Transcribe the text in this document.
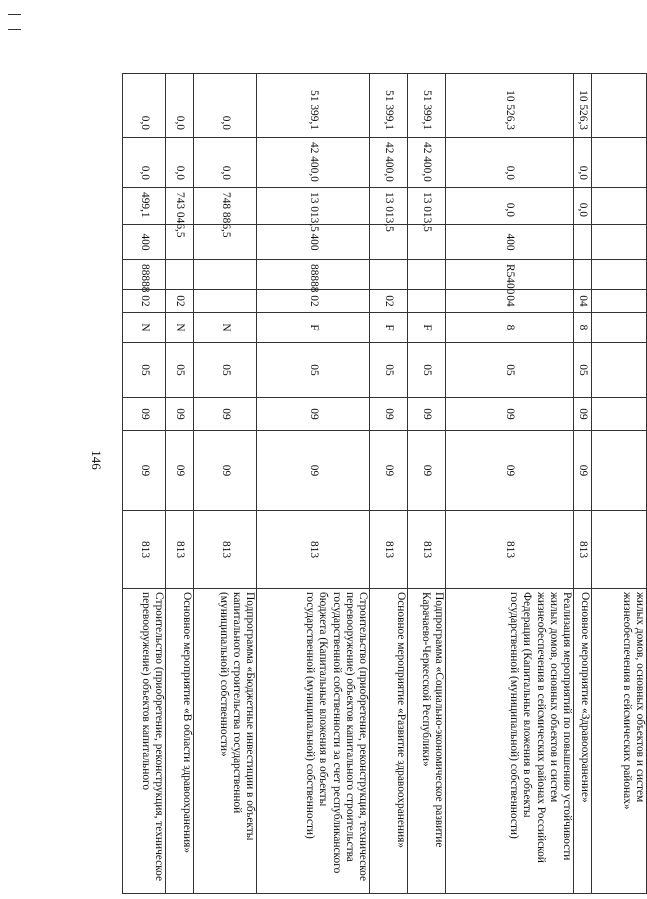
146
											жилых домов, основных объектов и систем жизнеобеспечения в сейсмических районах»
10 526,3	0,0	0,0			04	8	05	09	09	813	Основное мероприятие «Здравоохранение»
10 526,3	0,0	0,0	400	R5400	04	8	05	09	09	813	Реализация мероприятий по повышению устойчивости жилых домов, основных объектов и систем жизнеобеспечения в сейсмических районах Российской Федерации (Капитальные вложения в объекты государственной (муниципальной) собственности)
51 399,1	42 400,0	13 013,5				F	05	09	09	813	Подпрограмма «Социально-экономическое развитие Карачаево-Черкесской Республики»
51 399,1	42 400,0	13 013,5			02	F	05	09	09	813	Основное мероприятие «Развитие здравоохранения»
51 399,1	42 400,0	13 013,5	400	88888	02	F	05	09	09	813	Строительство (приобретение, реконструкция, техническое перевооружение) объектов капитального строительства государственной собственности за счет республиканского бюджета (Капитальные вложения в объекты государственной (муниципальной) собственности)
0,0	0,0	748 886,5				N	05	09	09	813	Подпрограмма «Бюджетные инвестиции в объекты капитального строительства государственной (муниципальной) собственности»
0,0	0,0	743 046,5			02	N	05	09	09	813	Основное мероприятие «В области здравоохранения»
0,0	0,0	499,1	400	88888	02	N	05	09	09	813	Строительство (приобретение, реконструкция, техническое перевооружение) объектов капитального
